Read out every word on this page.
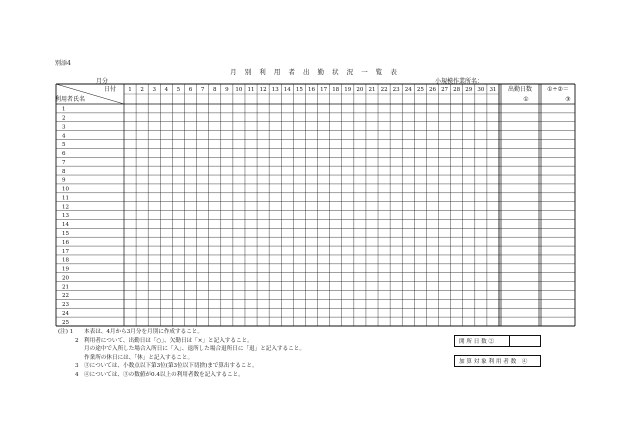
別添4
月 別 利 用 者 出 勤 状 況 一 覧 表
月分	小規模作業所名：
日付
利用者氏名
1 2 3 4 5 6 7 8 9 10 11 12 13 14 15 16 17 18 19 20 21 22 23 24 25 26 27 28 29 30 31 出勤日数
①
①÷②＝
③
1
2
3
4
5
6
7
8
9
10
11
12
13
14
15
16
17
18
19
20
21
22
23
24
25
(注) 1 本表は、4月から3月分を月別に作成すること。
2 利用者について、出勤日は「○」、欠勤日は「×」と記入すること。
月の途中で入所した場合入所日に「入」、退所した場合退所日に「退」と記入すること。
作業所の休日には、「休」と記入すること。
3 ③については、小数点以下第3位(第3位以下切捨)まで算出すること。
4 ④については、③の数値が0.4以上の利用者数を記入すること。
開 所 日 数 ②
加 算 対 象 利 用 者 数　④
